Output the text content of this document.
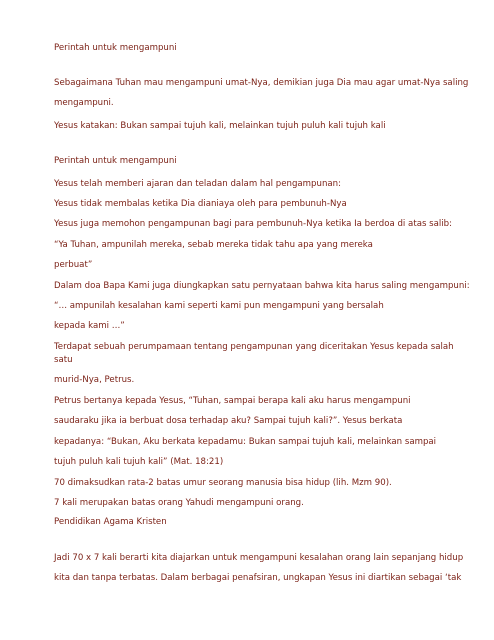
Perintah untuk mengampuni
Sebagaimana Tuhan mau mengampuni umat-Nya, demikian juga Dia mau agar umat-Nya saling
mengampuni.
Yesus katakan: Bukan sampai tujuh kali, melainkan tujuh puluh kali tujuh kali
Perintah untuk mengampuni
Yesus telah memberi ajaran dan teladan dalam hal pengampunan:
Yesus tidak membalas ketika Dia dianiaya oleh para pembunuh-Nya
Yesus juga memohon pengampunan bagi para pembunuh-Nya ketika Ia berdoa di atas salib:
“Ya Tuhan, ampunilah mereka, sebab mereka tidak tahu apa yang mereka
perbuat”
Dalam doa Bapa Kami juga diungkapkan satu pernyataan bahwa kita harus saling mengampuni:
“… ampunilah kesalahan kami seperti kami pun mengampuni yang bersalah
kepada kami …”
Terdapat sebuah perumpamaan tentang pengampunan yang diceritakan Yesus kepada salah
satu
murid-Nya, Petrus.
Petrus bertanya kepada Yesus, “Tuhan, sampai berapa kali aku harus mengampuni
saudaraku jika ia berbuat dosa terhadap aku? Sampai tujuh kali?”. Yesus berkata
kepadanya: “Bukan, Aku berkata kepadamu: Bukan sampai tujuh kali, melainkan sampai
tujuh puluh kali tujuh kali” (Mat. 18:21)
70 dimaksudkan rata-2 batas umur seorang manusia bisa hidup (lih. Mzm 90).
7 kali merupakan batas orang Yahudi mengampuni orang.
Pendidikan Agama Kristen
Jadi 70 x 7 kali berarti kita diajarkan untuk mengampuni kesalahan orang lain sepanjang hidup
kita dan tanpa terbatas. Dalam berbagai penafsiran, ungkapan Yesus ini diartikan sebagai ‘tak
